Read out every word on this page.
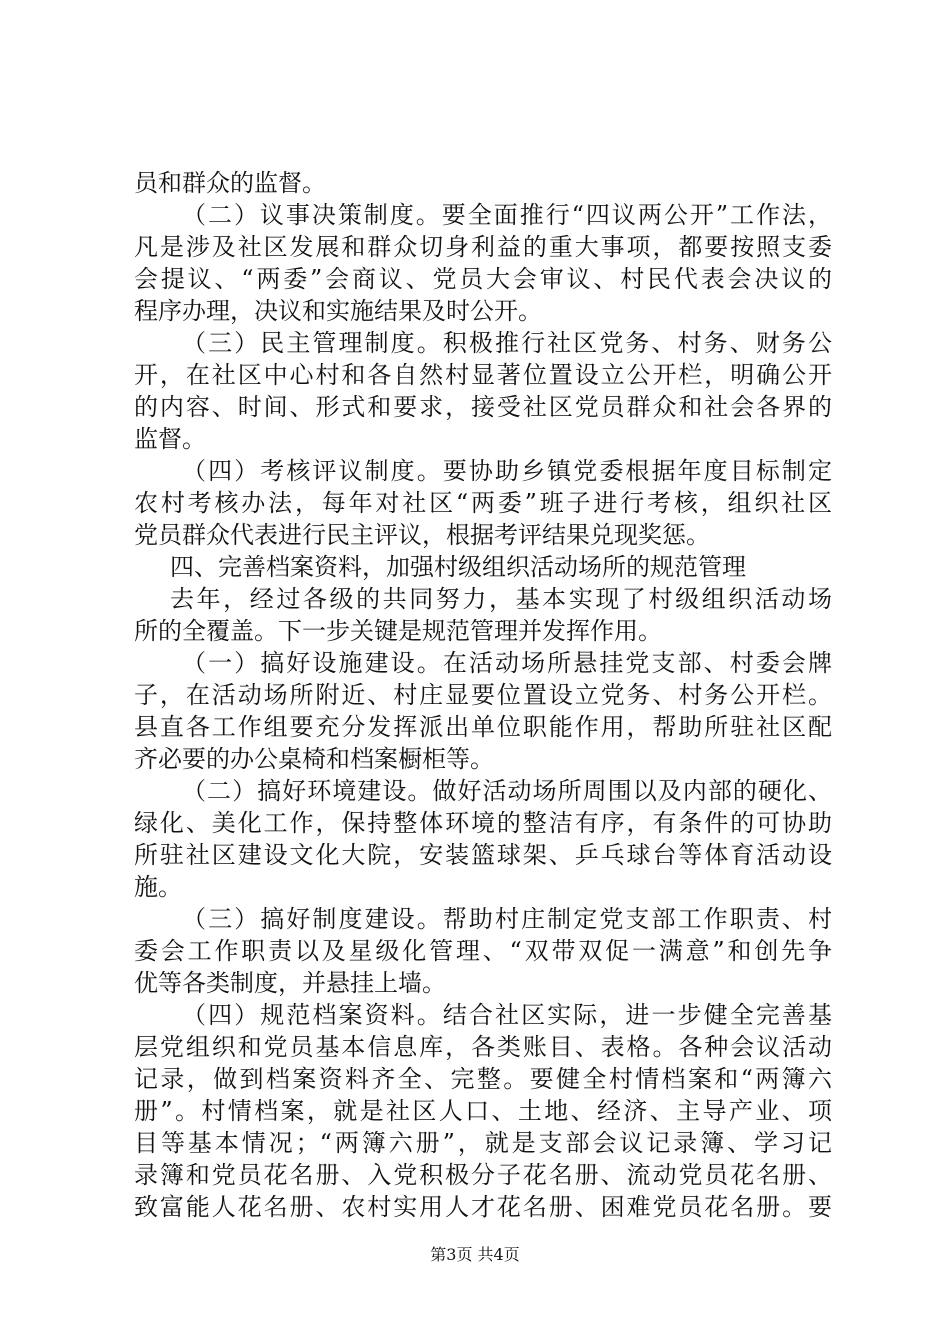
员和群众的监督。
（二）议事决策制度。要全面推行“四议两公开”工作法，
凡是涉及社区发展和群众切身利益的重大事项，都要按照支委
会提议、“两委”会商议、党员大会审议、村民代表会决议的
程序办理，决议和实施结果及时公开。
（三）民主管理制度。积极推行社区党务、村务、财务公
开，在社区中心村和各自然村显著位置设立公开栏，明确公开
的内容、时间、形式和要求，接受社区党员群众和社会各界的
监督。
（四）考核评议制度。要协助乡镇党委根据年度目标制定
农村考核办法，每年对社区“两委”班子进行考核，组织社区
党员群众代表进行民主评议，根据考评结果兑现奖惩。
四、完善档案资料，加强村级组织活动场所的规范管理
去年，经过各级的共同努力，基本实现了村级组织活动场
所的全覆盖。下一步关键是规范管理并发挥作用。
（一）搞好设施建设。在活动场所悬挂党支部、村委会牌
子，在活动场所附近、村庄显要位置设立党务、村务公开栏。
县直各工作组要充分发挥派出单位职能作用，帮助所驻社区配
齐必要的办公桌椅和档案橱柜等。
（二）搞好环境建设。做好活动场所周围以及内部的硬化、
绿化、美化工作，保持整体环境的整洁有序，有条件的可协助
所驻社区建设文化大院，安装篮球架、乒乓球台等体育活动设
施。
（三）搞好制度建设。帮助村庄制定党支部工作职责、村
委会工作职责以及星级化管理、“双带双促一满意”和创先争
优等各类制度，并悬挂上墙。
（四）规范档案资料。结合社区实际，进一步健全完善基
层党组织和党员基本信息库，各类账目、表格。各种会议活动
记录，做到档案资料齐全、完整。要健全村情档案和“两簿六
册”。村情档案，就是社区人口、土地、经济、主导产业、项
目等基本情况；“两簿六册”，就是支部会议记录簿、学习记
录簿和党员花名册、入党积极分子花名册、流动党员花名册、
致富能人花名册、农村实用人才花名册、困难党员花名册。要
第3页 共4页
